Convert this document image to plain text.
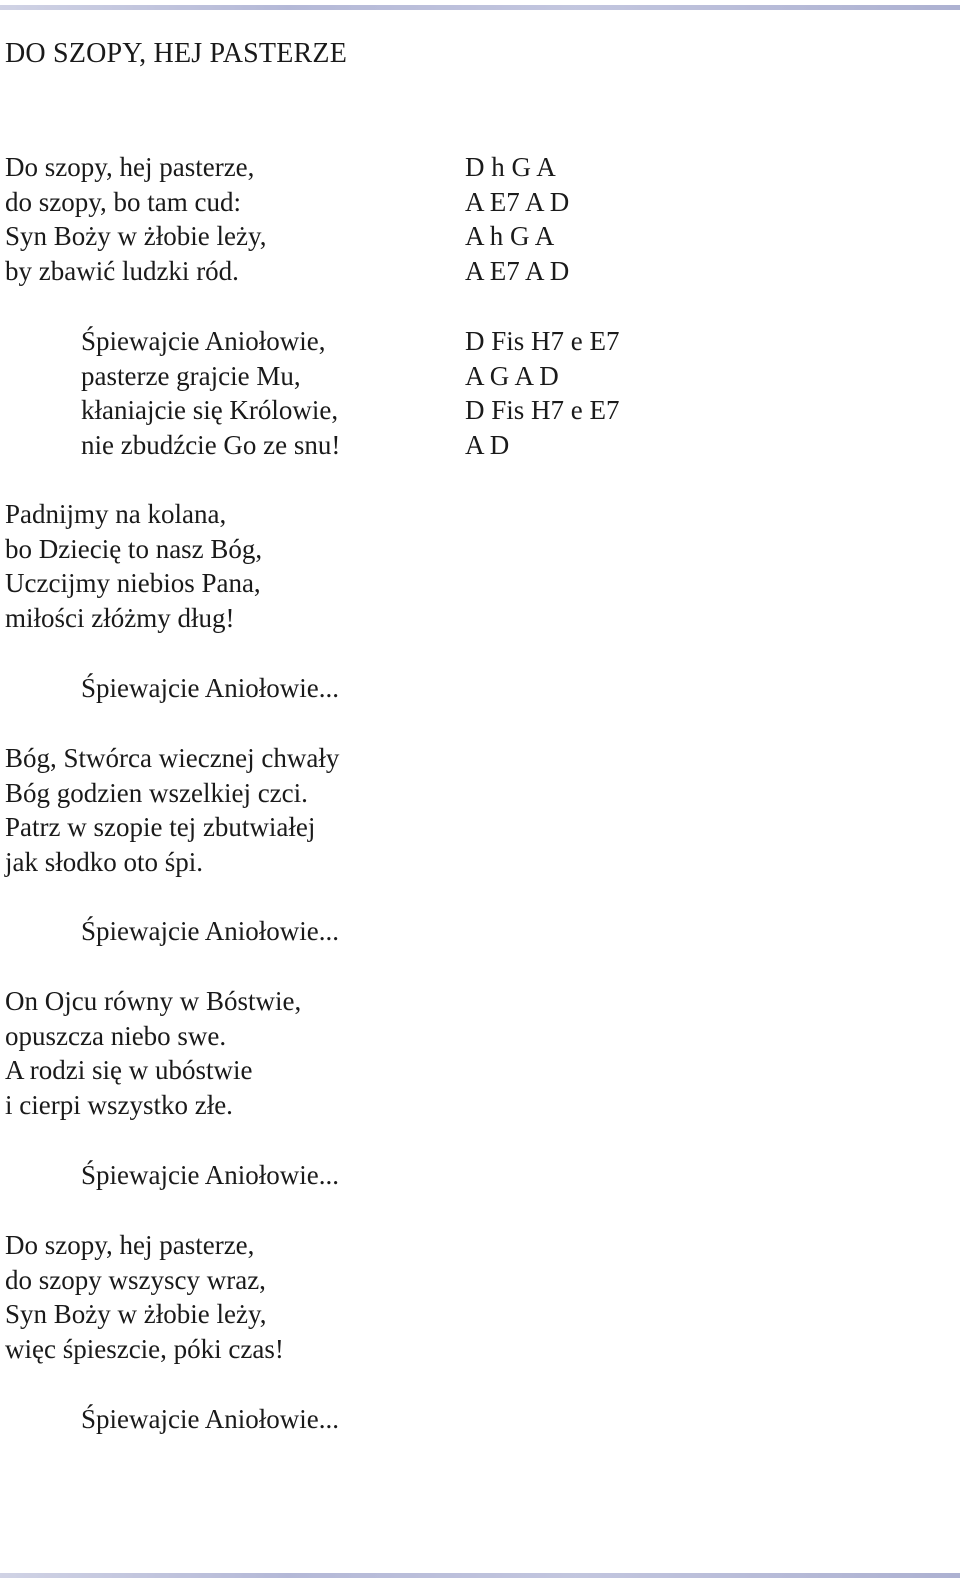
DO SZOPY, HEJ PASTERZE
Do szopy, hej pasterze,
do szopy, bo tam cud:
Syn Boży w żłobie leży,
by zbawić ludzki ród.
D h G A
A E7 A D
A h G A
A E7 A D
Śpiewajcie Aniołowie,
pasterze grajcie Mu,
kłaniajcie się Królowie,
nie zbudźcie Go ze snu!
D Fis H7 e E7
A G A D
D Fis H7 e E7
A D
Padnijmy na kolana,
bo Dziecię to nasz Bóg,
Uczcijmy niebios Pana,
miłości złóżmy dług!
Śpiewajcie Aniołowie...
Bóg, Stwórca wiecznej chwały
Bóg godzien wszelkiej czci.
Patrz w szopie tej zbutwiałej
jak słodko oto śpi.
Śpiewajcie Aniołowie...
On Ojcu równy w Bóstwie,
opuszcza niebo swe.
A rodzi się w ubóstwie
i cierpi wszystko złe.
Śpiewajcie Aniołowie...
Do szopy, hej pasterze,
do szopy wszyscy wraz,
Syn Boży w żłobie leży,
więc śpieszcie, póki czas!
Śpiewajcie Aniołowie...
